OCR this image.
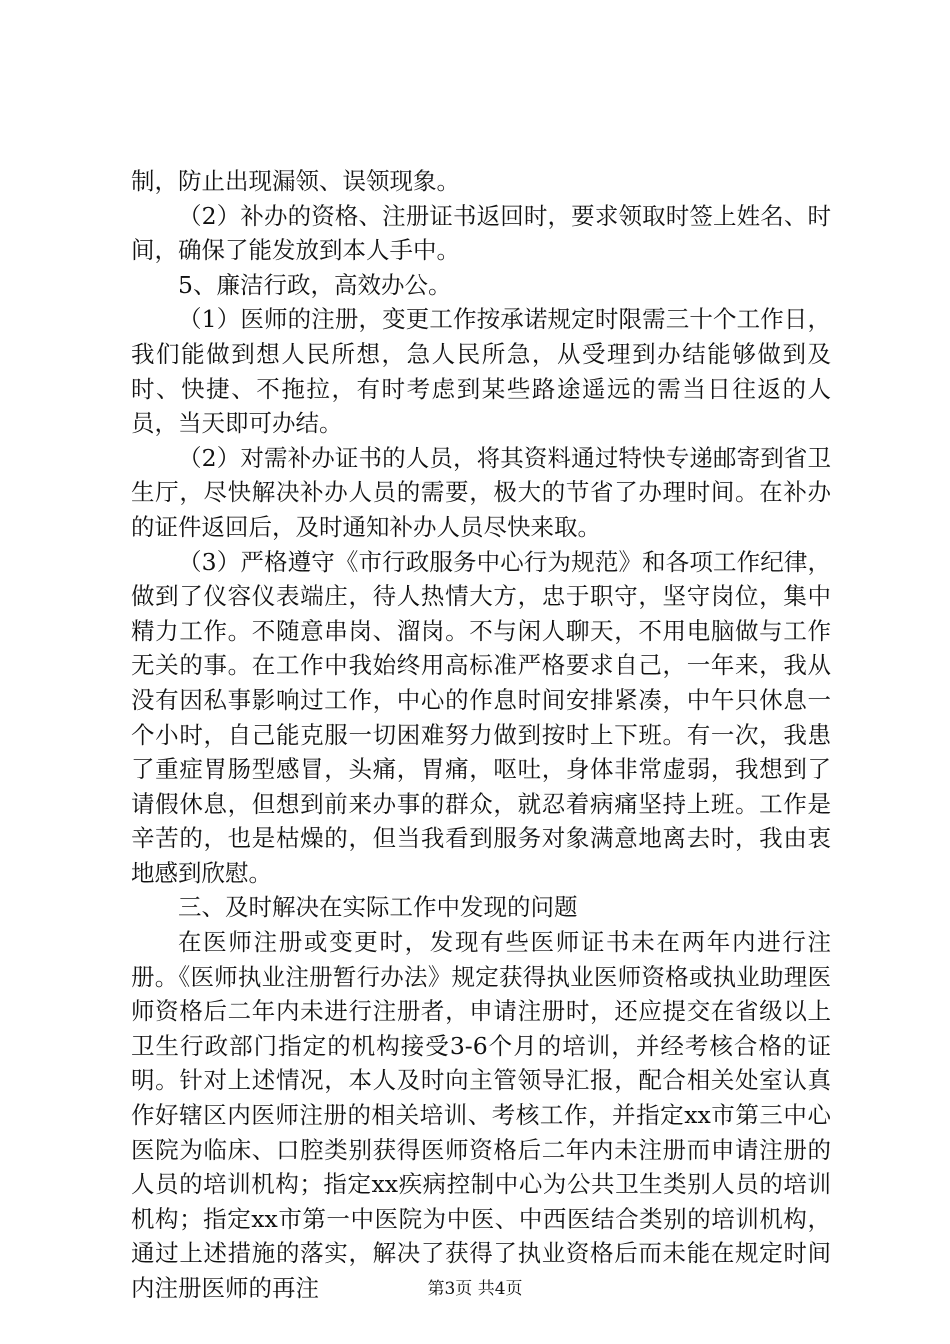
制，防止出现漏领、误领现象。

（2）补办的资格、注册证书返回时，要求领取时签上姓名、时间，确保了能发放到本人手中。

5、廉洁行政，高效办公。

（1）医师的注册，变更工作按承诺规定时限需三十个工作日，我们能做到想人民所想，急人民所急，从受理到办结能够做到及时、快捷、不拖拉，有时考虑到某些路途遥远的需当日往返的人员，当天即可办结。

（2）对需补办证书的人员，将其资料通过特快专递邮寄到省卫生厅，尽快解决补办人员的需要，极大的节省了办理时间。在补办的证件返回后，及时通知补办人员尽快来取。

（3）严格遵守《市行政服务中心行为规范》和各项工作纪律，做到了仪容仪表端庄，待人热情大方，忠于职守，坚守岗位，集中精力工作。不随意串岗、溜岗。不与闲人聊天，不用电脑做与工作无关的事。在工作中我始终用高标准严格要求自己，一年来，我从没有因私事影响过工作，中心的作息时间安排紧凑，中午只休息一个小时，自己能克服一切困难努力做到按时上下班。有一次，我患了重症胃肠型感冒，头痛，胃痛，呕吐，身体非常虚弱，我想到了请假休息，但想到前来办事的群众，就忍着病痛坚持上班。工作是辛苦的，也是枯燥的，但当我看到服务对象满意地离去时，我由衷地感到欣慰。

三、及时解决在实际工作中发现的问题

在医师注册或变更时，发现有些医师证书未在两年内进行注册。《医师执业注册暂行办法》规定获得执业医师资格或执业助理医师资格后二年内未进行注册者，申请注册时，还应提交在省级以上卫生行政部门指定的机构接受3-6个月的培训，并经考核合格的证明。针对上述情况，本人及时向主管领导汇报，配合相关处室认真作好辖区内医师注册的相关培训、考核工作，并指定xx市第三中心医院为临床、口腔类别获得医师资格后二年内未注册而申请注册的人员的培训机构；指定xx疾病控制中心为公共卫生类别人员的培训机构；指定xx市第一中医院为中医、中西医结合类别的培训机构，通过上述措施的落实，解决了获得了执业资格后而未能在规定时间内注册医师的再注	第3页 共4页
